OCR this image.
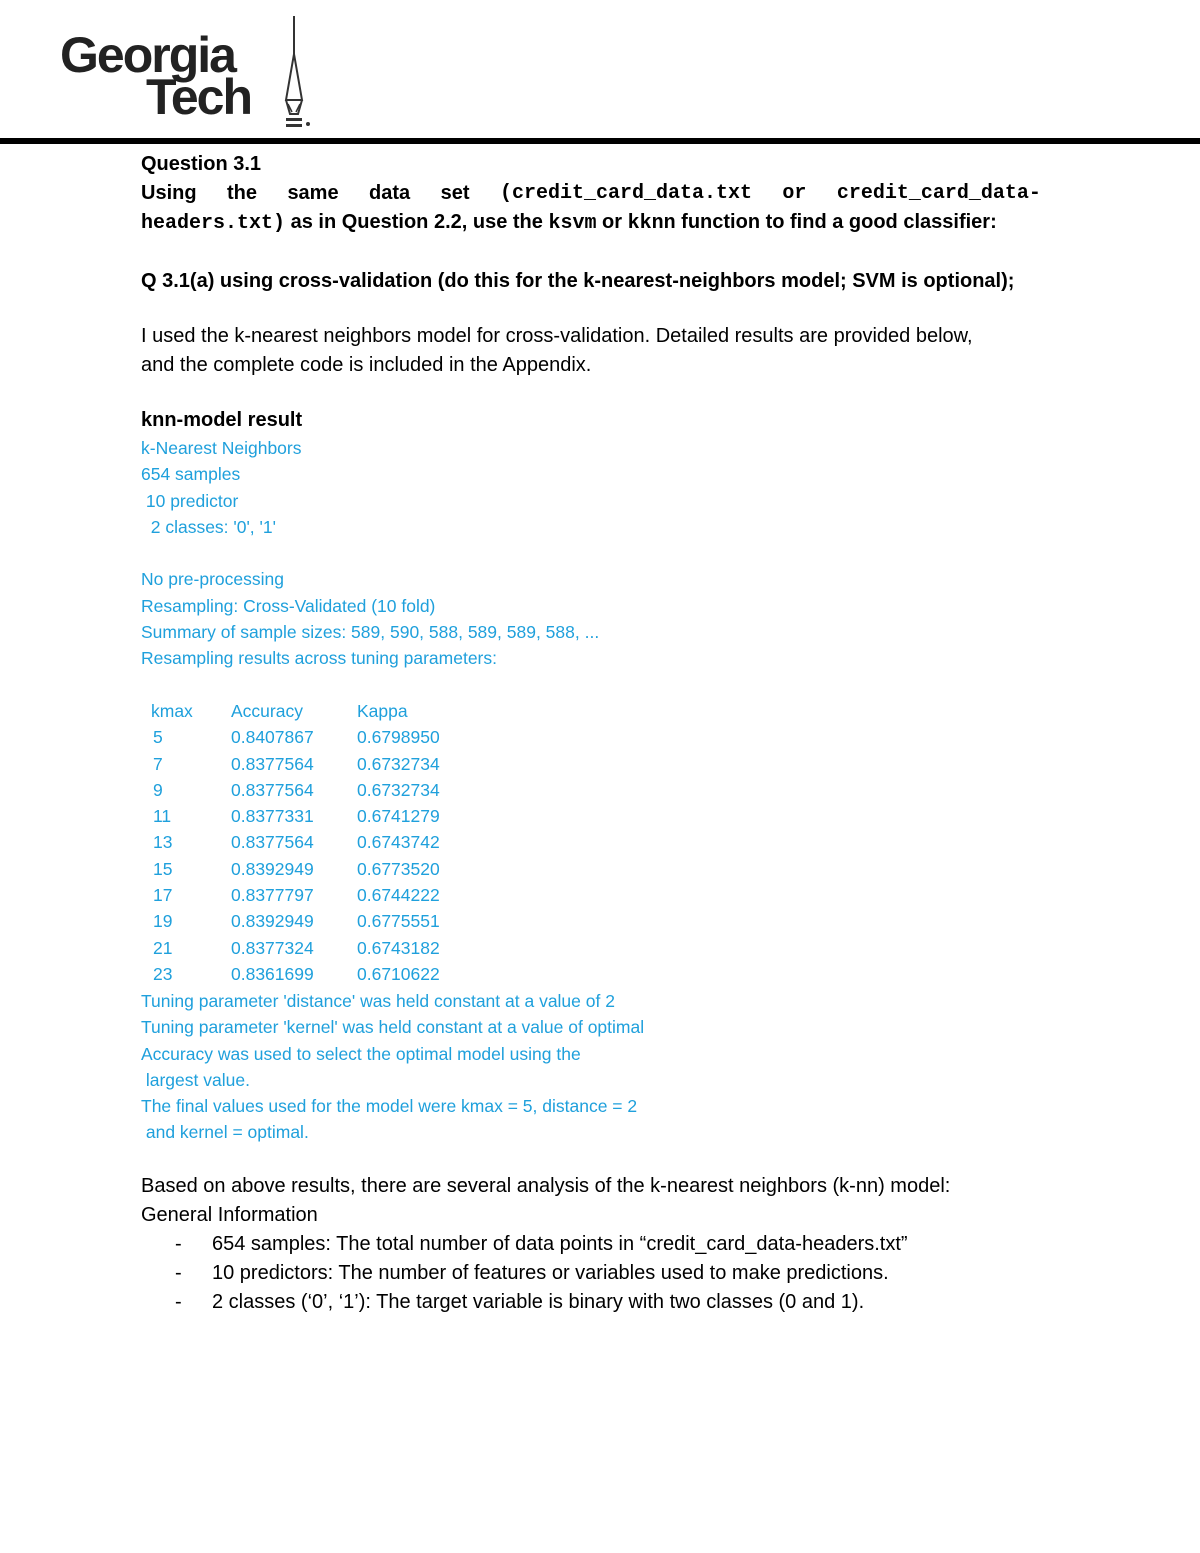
Georgia
Tech

Question 3.1

Using the same data set (credit_card_data.txt or credit_card_data-

headers.txt) as in Question 2.2, use the ksvm or kknn function to find a good classifier:

Q 3.1(a) using cross-validation (do this for the k-nearest-neighbors model; SVM is optional);

I used the k-nearest neighbors model for cross-validation. Detailed results are provided below,

and the complete code is included in the Appendix.

knn-model result

k-Nearest Neighbors

654 samples

10 predictor

2 classes: '0', '1'

No pre-processing

Resampling: Cross-Validated (10 fold)

Summary of sample sizes: 589, 590, 588, 589, 589, 588, ...

Resampling results across tuning parameters:

kmax Accuracy	Kappa
5	0.8407867 0.6798950
7	0.8377564 0.6732734
9	0.8377564 0.6732734
11	0.8377331 0.6741279
13	0.8377564 0.6743742
15	0.8392949 0.6773520
17	0.8377797 0.6744222
19	0.8392949 0.6775551
21	0.8377324 0.6743182
23	0.8361699 0.6710622

Tuning parameter 'distance' was held constant at a value of 2

Tuning parameter 'kernel' was held constant at a value of optimal

Accuracy was used to select the optimal model using the

largest value.

The final values used for the model were kmax = 5, distance = 2

and kernel = optimal.

Based on above results, there are several analysis of the k-nearest neighbors (k-nn) model:

General Information

- 654 samples: The total number of data points in “credit_card_data-headers.txt”
- 10 predictors: The number of features or variables used to make predictions.
- 2 classes (‘0’, ‘1’): The target variable is binary with two classes (0 and 1).
